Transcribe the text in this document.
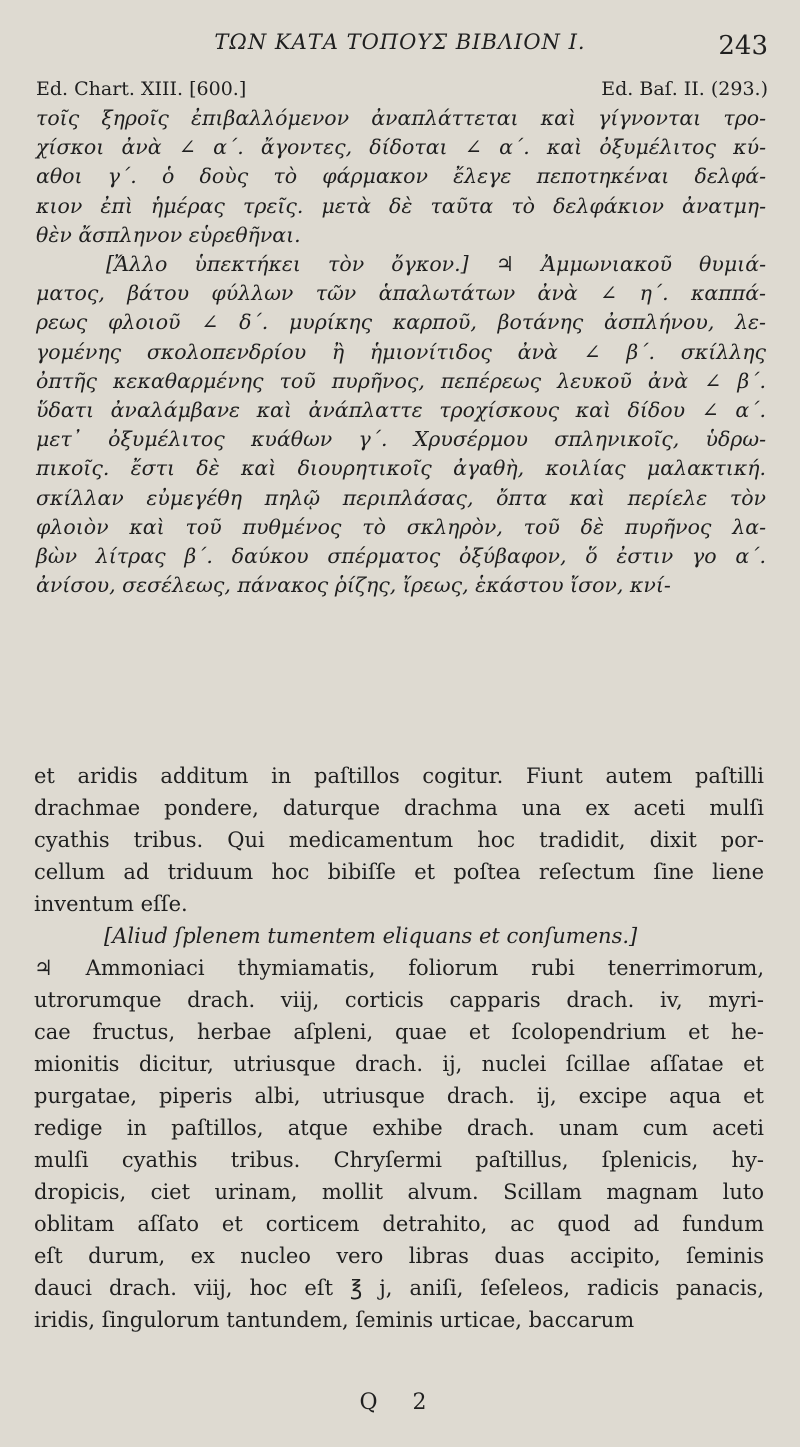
ΤΩΝ ΚΑΤΑ ΤΟΠΟΥΣ ΒΙΒΛΙΟΝ Ι.	243
Ed. Chart. XIII. [600.]	Ed. Baſ. II. (293.)
τοῖς ξηροῖς ἐπιβαλλόμενον ἀναπλάττεται καὶ γίγνονται τρο-
χίσκοι ἀνὰ ∠ α΄. ἄγοντες, δίδοται ∠ α΄. καὶ ὀξυμέλιτος κύ-
αθοι γ΄. ὁ δοὺς τὸ φάρμακον ἔλεγε πεποτηκέναι δελφά-
κιον ἐπὶ ἡμέρας τρεῖς. μετὰ δὲ ταῦτα τὸ δελφάκιον ἀνατμη-
θὲν ἄσπληνον εὑρεθῆναι.
[Ἄλλο ὑπεκτήκει τὸν ὄγκον.] ♃ Ἀμμωνιακοῦ θυμιά-
ματος, βάτου φύλλων τῶν ἁπαλωτάτων ἀνὰ ∠ η΄. καππά-
ρεως φλοιοῦ ∠ δ΄. μυρίκης καρποῦ, βοτάνης ἀσπλήνου, λε-
γομένης σκολοπενδρίου ἢ ἡμιονίτιδος ἀνὰ ∠ β΄. σκίλλης
ὀπτῆς κεκαθαρμένης τοῦ πυρῆνος, πεπέρεως λευκοῦ ἀνὰ ∠ β΄.
ὕδατι ἀναλάμβανε καὶ ἀνάπλαττε τροχίσκους καὶ δίδου ∠ α΄.
μετ᾽ ὀξυμέλιτος κυάθων γ΄. Χρυσέρμου σπληνικοῖς, ὑδρω-
πικοῖς. ἔστι δὲ καὶ διουρητικοῖς ἀγαθὴ, κοιλίας μαλακτική.
σκίλλαν εὐμεγέθη πηλῷ περιπλάσας, ὄπτα καὶ περίελε τὸν
φλοιὸν καὶ τοῦ πυθμένος τὸ σκληρὸν, τοῦ δὲ πυρῆνος λα-
βὼν λίτρας β΄. δαύκου σπέρματος ὀξύβαφον, ὅ ἐστιν γο α΄.
ἀνίσου, σεσέλεως, πάνακος ῥίζης, ἴρεως, ἑκάστου ἴσον, κνί-
et aridis additum in paſtillos cogitur. Fiunt autem paſtilli
drachmae pondere, daturque drachma una ex aceti mulſi
cyathis tribus. Qui medicamentum hoc tradidit, dixit por-
cellum ad triduum hoc bibiſſe et poſtea reſectum ſine liene
inventum eſſe.
[Aliud ſplenem tumentem eliquans et conſumens.]
♃ Ammoniaci thymiamatis, foliorum rubi tenerrimorum,
utrorumque drach. viij, corticis capparis drach. iv, myri-
cae fructus, herbae aſpleni, quae et ſcolopendrium et he-
mionitis dicitur, utriusque drach. ij, nuclei ſcillae aſſatae et
purgatae, piperis albi, utriusque drach. ij, excipe aqua et
redige in paſtillos, atque exhibe drach. unam cum aceti
mulſi cyathis tribus. Chryſermi paſtillus, ſplenicis, hy-
dropicis, ciet urinam, mollit alvum. Scillam magnam luto
oblitam aſſato et corticem detrahito, ac quod ad fundum
eſt durum, ex nucleo vero libras duas accipito, ſeminis
dauci drach. viij, hoc eſt ℥ j, aniſi, ſeſeleos, radicis panacis,
iridis, ſingulorum tantundem, ſeminis urticae, baccarum
Q 2
